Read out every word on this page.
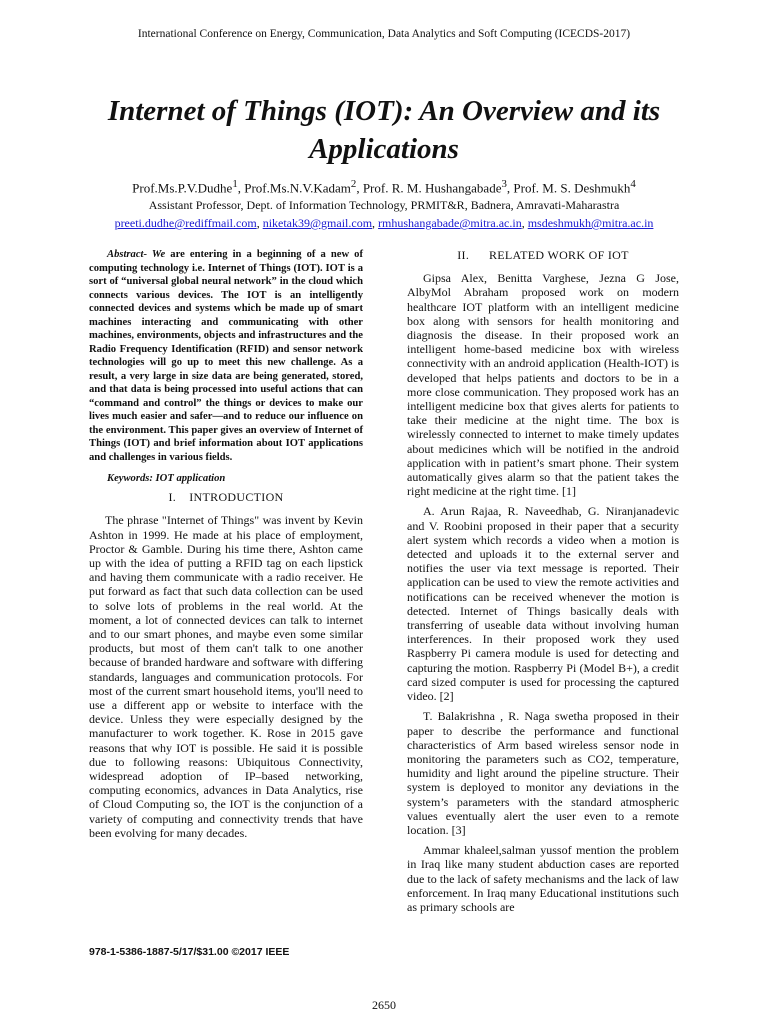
International Conference on Energy, Communication, Data Analytics and Soft Computing (ICECDS-2017)
Internet of Things (IOT): An Overview and its
Applications
Prof.Ms.P.V.Dudhe$^1$, Prof.Ms.N.V.Kadam$^2$, Prof. R. M. Hushangabade$^3$, Prof. M. S. Deshmukh$^4$
Assistant Professor, Dept. of Information Technology, PRMIT&R, Badnera, Amravati-Maharastra
preeti.dudhe@rediffmail.com, niketak39@gmail.com, rmhushangabade@mitra.ac.in, msdeshmukh@mitra.ac.in

Abstract- We are entering in a beginning of a new of computing technology i.e. Internet of Things (IOT). IOT is a sort of “universal global neural network” in the cloud which connects various devices. The IOT is an intelligently connected devices and systems which be made up of smart machines interacting and communicating with other machines, environments, objects and infrastructures and the Radio Frequency Identification (RFID) and sensor network technologies will go up to meet this new challenge. As a result, a very large in size data are being generated, stored, and that data is being processed into useful actions that can “command and control” the things or devices to make our lives much easier and safer—and to reduce our influence on the environment. This paper gives an overview of Internet of Things (IOT) and brief information about IOT applications and challenges in various fields.

Keywords: IOT application
I. INTRODUCTION

The phrase "Internet of Things" was invent by Kevin Ashton in 1999. He made at his place of employment, Proctor & Gamble. During his time there, Ashton came up with the idea of putting a RFID tag on each lipstick and having them communicate with a radio receiver. He put forward as fact that such data collection can be used to solve lots of problems in the real world. At the moment, a lot of connected devices can talk to internet and to our smart phones, and maybe even some similar products, but most of them can't talk to one another because of branded hardware and software with differing standards, languages and communication protocols. For most of the current smart household items, you'll need to use a different app or website to interface with the device. Unless they were especially designed by the manufacturer to work together. K. Rose in 2015 gave reasons that why IOT is possible. He said it is possible due to following reasons: Ubiquitous Connectivity, widespread adoption of IP–based networking, computing economics, advances in Data Analytics, rise of Cloud Computing so, the IOT is the conjunction of a variety of computing and connectivity trends that have been evolving for many decades.

II. RELATED WORK OF IOT

Gipsa Alex, Benitta Varghese, Jezna G Jose, AlbyMol Abraham proposed work on modern healthcare IOT platform with an intelligent medicine box along with sensors for health monitoring and diagnosis the disease. In their proposed work an intelligent home-based medicine box with wireless connectivity with an android application (Health-IOT) is developed that helps patients and doctors to be in a more close communication. They proposed work has an intelligent medicine box that gives alerts for patients to take their medicine at the night time. The box is wirelessly connected to internet to make timely updates about medicines which will be notified in the android application with in patient’s smart phone. Their system automatically gives alarm so that the patient takes the right medicine at the right time. [1]

A. Arun Rajaa, R. Naveedhab, G. Niranjanadevic and V. Roobini proposed in their paper that a security alert system which records a video when a motion is detected and uploads it to the external server and notifies the user via text message is reported. Their application can be used to view the remote activities and notifications can be received whenever the motion is detected. Internet of Things basically deals with transferring of useable data without involving human interferences. In their proposed work they used Raspberry Pi camera module is used for detecting and capturing the motion. Raspberry Pi (Model B+), a credit card sized computer is used for processing the captured video. [2]

T. Balakrishna , R. Naga swetha proposed in their paper to describe the performance and functional characteristics of Arm based wireless sensor node in monitoring the parameters such as CO2, temperature, humidity and light around the pipeline structure. Their system is deployed to monitor any deviations in the system’s parameters with the standard atmospheric values eventually alert the user even to a remote location. [3]

Ammar khaleel,salman yussof mention the problem in Iraq like many student abduction cases are reported due to the lack of safety mechanisms and the lack of law enforcement. In Iraq many Educational institutions such as primary schools are

978-1-5386-1887-5/17/$31.00 ©2017 IEEE
2650
